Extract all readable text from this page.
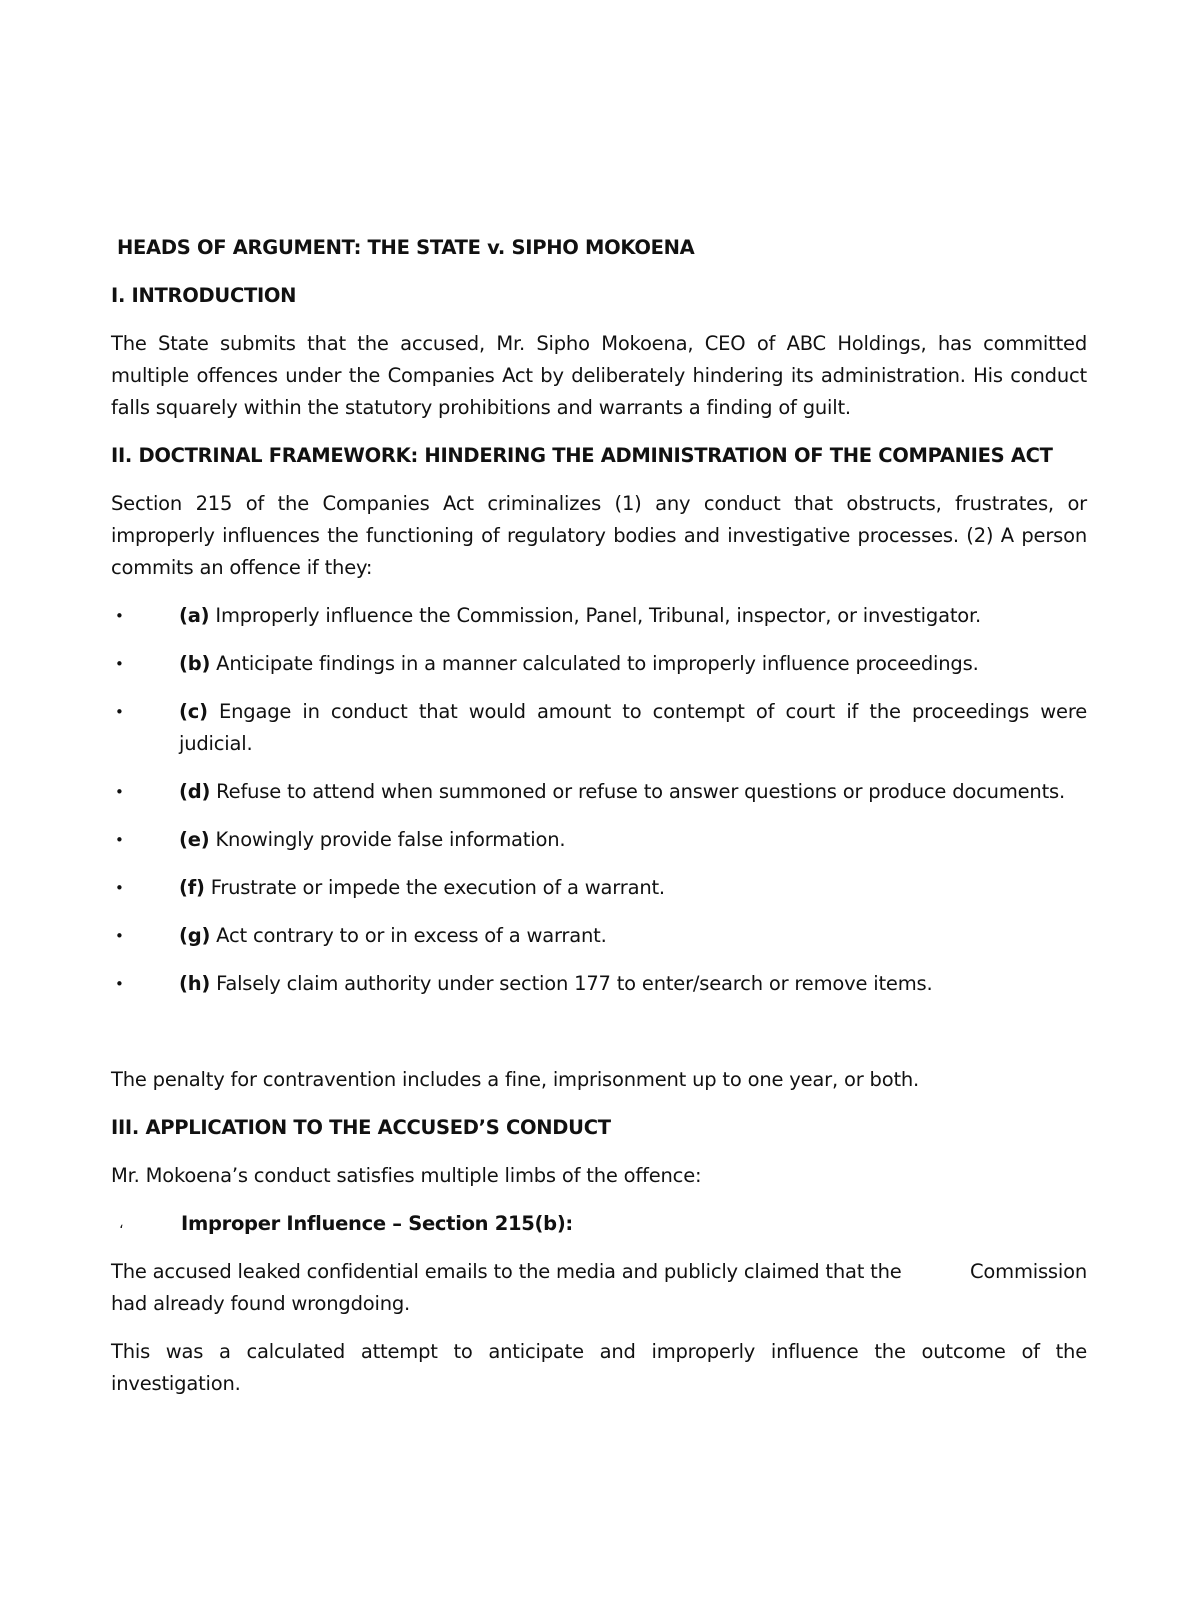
HEADS OF ARGUMENT: THE STATE v. SIPHO MOKOENA
I. INTRODUCTION

The State submits that the accused, Mr. Sipho Mokoena, CEO of ABC Holdings, has committed multiple offences under the Companies Act by deliberately hindering its administration. His conduct falls squarely within the statutory prohibitions and warrants a finding of guilt.

II. DOCTRINAL FRAMEWORK: HINDERING THE ADMINISTRATION OF THE COMPANIES ACT

Section 215 of the Companies Act criminalizes (1) any conduct that obstructs, frustrates, or improperly influences the functioning of regulatory bodies and investigative processes. (2) A person commits an offence if they:

•	(a) Improperly influence the Commission, Panel, Tribunal, inspector, or investigator.
•	(b) Anticipate findings in a manner calculated to improperly influence proceedings.
•	(c) Engage in conduct that would amount to contempt of court if the proceedings were judicial.
•	(d) Refuse to attend when summoned or refuse to answer questions or produce documents.
•	(e) Knowingly provide false information.
•	(f) Frustrate or impede the execution of a warrant.
•	(g) Act contrary to or in excess of a warrant.
•	(h) Falsely claim authority under section 177 to enter/search or remove items.

The penalty for contravention includes a fine, imprisonment up to one year, or both.

III. APPLICATION TO THE ACCUSED’S CONDUCT

Mr. Mokoena’s conduct satisfies multiple limbs of the offence:

،	Improper Influence – Section 215(b):
The accused leaked confidential emails to the media and publicly claimed that the	Commission
had already found wrongdoing.

This was a calculated attempt to anticipate and improperly influence the outcome of the investigation.
